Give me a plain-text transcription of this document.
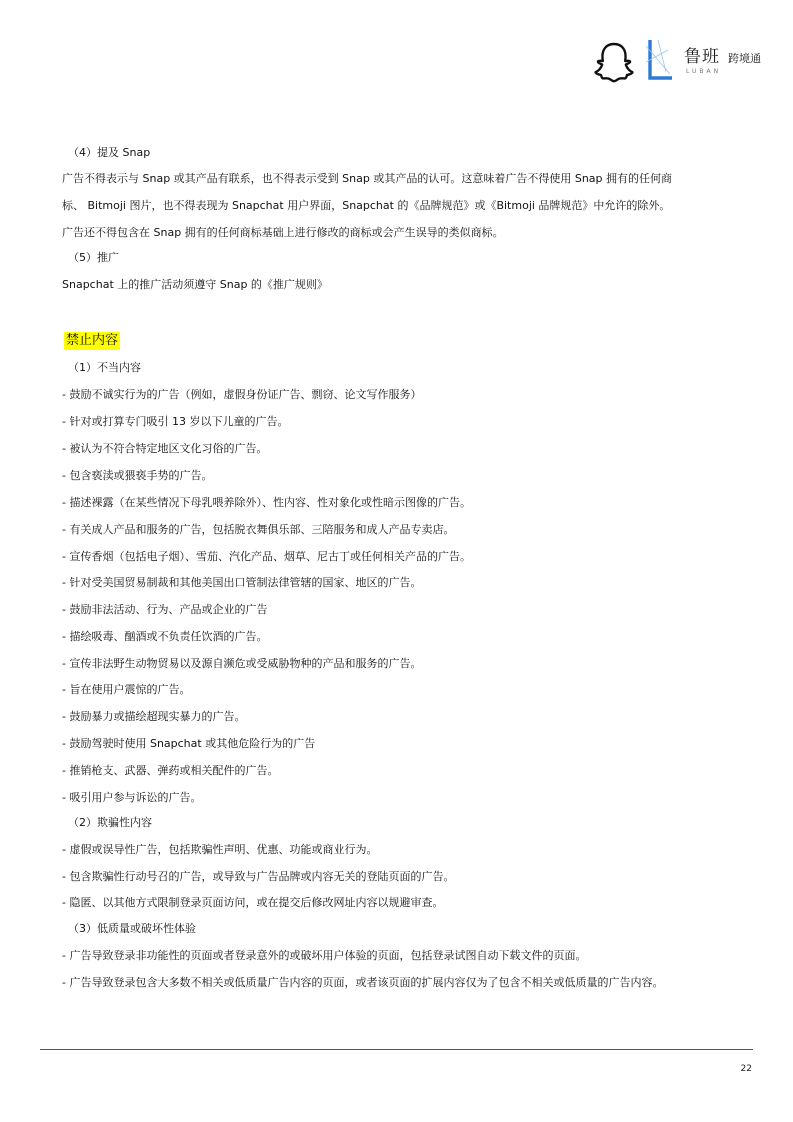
鲁班
LUBAN
跨境通
（4）提及 Snap
广告不得表示与 Snap 或其产品有联系，也不得表示受到 Snap 或其产品的认可。这意味着广告不得使用 Snap 拥有的任何商
标、 Bitmoji 图片，也不得表现为 Snapchat 用户界面，Snapchat 的《品牌规范》或《Bitmoji 品牌规范》中允许的除外。
广告还不得包含在 Snap 拥有的任何商标基础上进行修改的商标或会产生误导的类似商标。
（5）推广
Snapchat 上的推广活动须遵守 Snap 的《推广规则》
禁止内容
（1）不当内容
- 鼓励不诚实行为的广告（例如，虚假身份证广告、剽窃、论文写作服务）
- 针对或打算专门吸引 13 岁以下儿童的广告。
- 被认为不符合特定地区文化习俗的广告。
- 包含亵渎或猥亵手势的广告。
- 描述裸露（在某些情况下母乳喂养除外）、性内容、性对象化或性暗示图像的广告。
- 有关成人产品和服务的广告，包括脱衣舞俱乐部、三陪服务和成人产品专卖店。
- 宣传香烟（包括电子烟）、雪茄、汽化产品、烟草、尼古丁或任何相关产品的广告。
- 针对受美国贸易制裁和其他美国出口管制法律管辖的国家、地区的广告。
- 鼓励非法活动、行为、产品或企业的广告
- 描绘吸毒、酗酒或不负责任饮酒的广告。
- 宣传非法野生动物贸易以及源自濒危或受威胁物种的产品和服务的广告。
- 旨在使用户震惊的广告。
- 鼓励暴力或描绘超现实暴力的广告。
- 鼓励驾驶时使用 Snapchat 或其他危险行为的广告
- 推销枪支、武器、弹药或相关配件的广告。
- 吸引用户参与诉讼的广告。
（2）欺骗性内容
- 虚假或误导性广告，包括欺骗性声明、优惠、功能或商业行为。
- 包含欺骗性行动号召的广告，或导致与广告品牌或内容无关的登陆页面的广告。
- 隐匿、以其他方式限制登录页面访问，或在提交后修改网址内容以规避审查。
（3）低质量或破坏性体验
- 广告导致登录非功能性的页面或者登录意外的或破坏用户体验的页面，包括登录试图自动下载文件的页面。
- 广告导致登录包含大多数不相关或低质量广告内容的页面，或者该页面的扩展内容仅为了包含不相关或低质量的广告内容。
22
